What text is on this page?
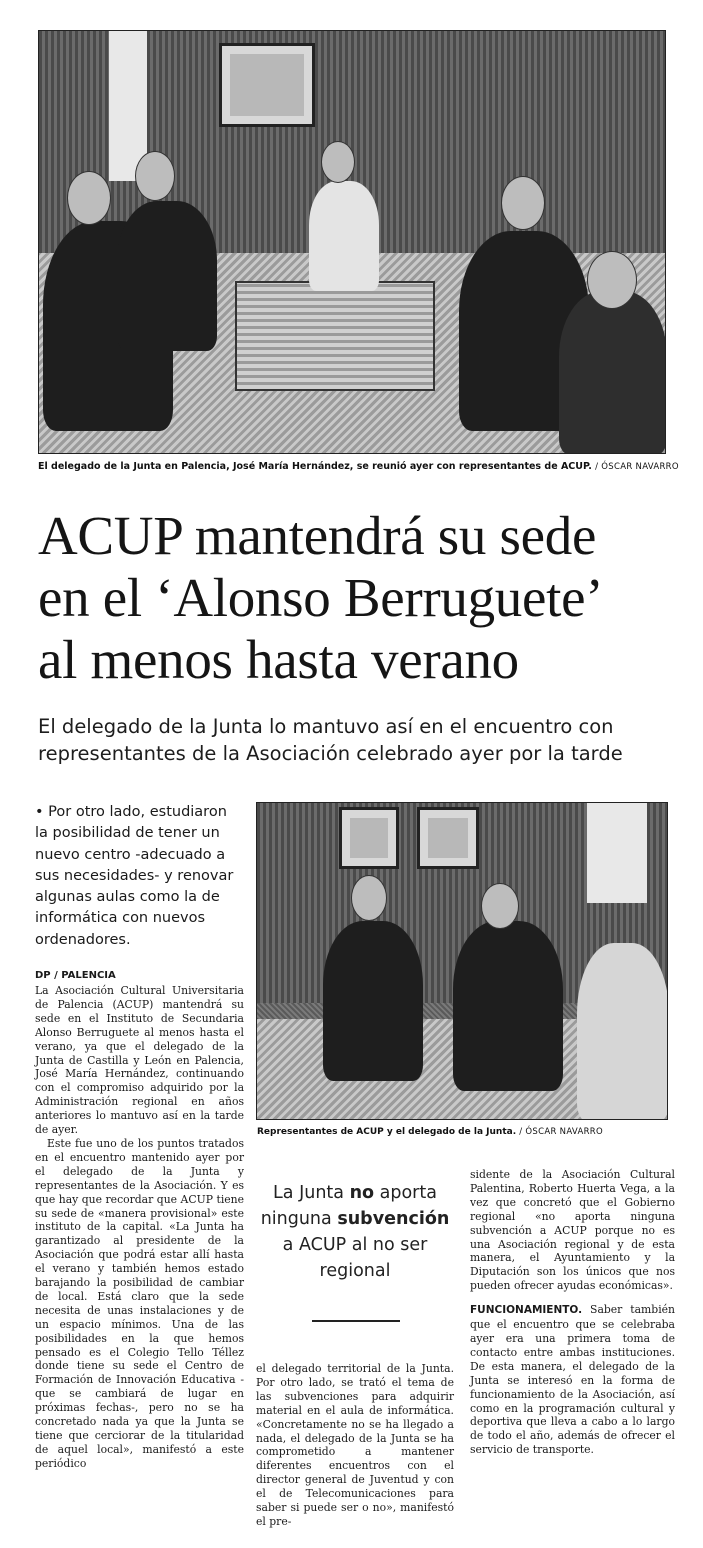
El delegado de la Junta en Palencia, José María Hernández, se reunió ayer con representantes de ACUP. / ÓSCAR NAVARRO
ACUP mantendrá su sede
en el ‘Alonso Berruguete’
al menos hasta verano
El delegado de la Junta lo mantuvo así en el encuentro con
representantes de la Asociación celebrado ayer por la tarde
• Por otro lado, estudiaron la posibilidad de tener un nuevo centro -adecuado a sus necesidades- y renovar algunas aulas como la de informática con nuevos ordenadores.
DP / PALENCIA
Representantes de ACUP y el delegado de la Junta. / ÓSCAR NAVARRO
La Junta no aporta ninguna subvención a ACUP al no ser regional

La Asociación Cultural Universitaria de Palencia (ACUP) mantendrá su sede en el Instituto de Secundaria Alonso Berruguete al menos hasta el verano, ya que el delegado de la Junta de Castilla y León en Palencia, José María Hernández, continuando con el compromiso adquirido por la Administración regional en años anteriores lo mantuvo así en la tarde de ayer.

Este fue uno de los puntos tratados en el encuentro mantenido ayer por el delegado de la Junta y representantes de la Asociación. Y es que hay que recordar que ACUP tiene su sede de «manera provisional» este instituto de la capital. «La Junta ha garantizado al presidente de la Asociación que podrá estar allí hasta el verano y también hemos estado barajando la posibilidad de cambiar de local. Está claro que la sede necesita de unas instalaciones y de un espacio mínimos. Una de las posibilidades en la que hemos pensado es el Colegio Tello Téllez donde tiene su sede el Centro de Formación de Innovación Educativa -que se cambiará de lugar en próximas fechas-, pero no se ha concretado nada ya que la Junta se tiene que cerciorar de la titularidad de aquel local», manifestó a este periódico

el delegado territorial de la Junta. Por otro lado, se trató el tema de las subvenciones para adquirir material en el aula de informática. «Concretamente no se ha llegado a nada, el delegado de la Junta se ha comprometido a mantener diferentes encuentros con el director general de Juventud y con el de Telecomunicaciones para saber si puede ser o no», manifestó el pre-

sidente de la Asociación Cultural Palentina, Roberto Huerta Vega, a la vez que concretó que el Gobierno regional «no aporta ninguna subvención a ACUP porque no es una Asociación regional y de esta manera, el Ayuntamiento y la Diputación son los únicos que nos pueden ofrecer ayudas económicas».

FUNCIONAMIENTO. Saber también que el encuentro que se celebraba ayer era una primera toma de contacto entre ambas instituciones. De esta manera, el delegado de la Junta se interesó en la forma de funcionamiento de la Asociación, así como en la programación cultural y deportiva que lleva a cabo a lo largo de todo el año, además de ofrecer el servicio de transporte.
